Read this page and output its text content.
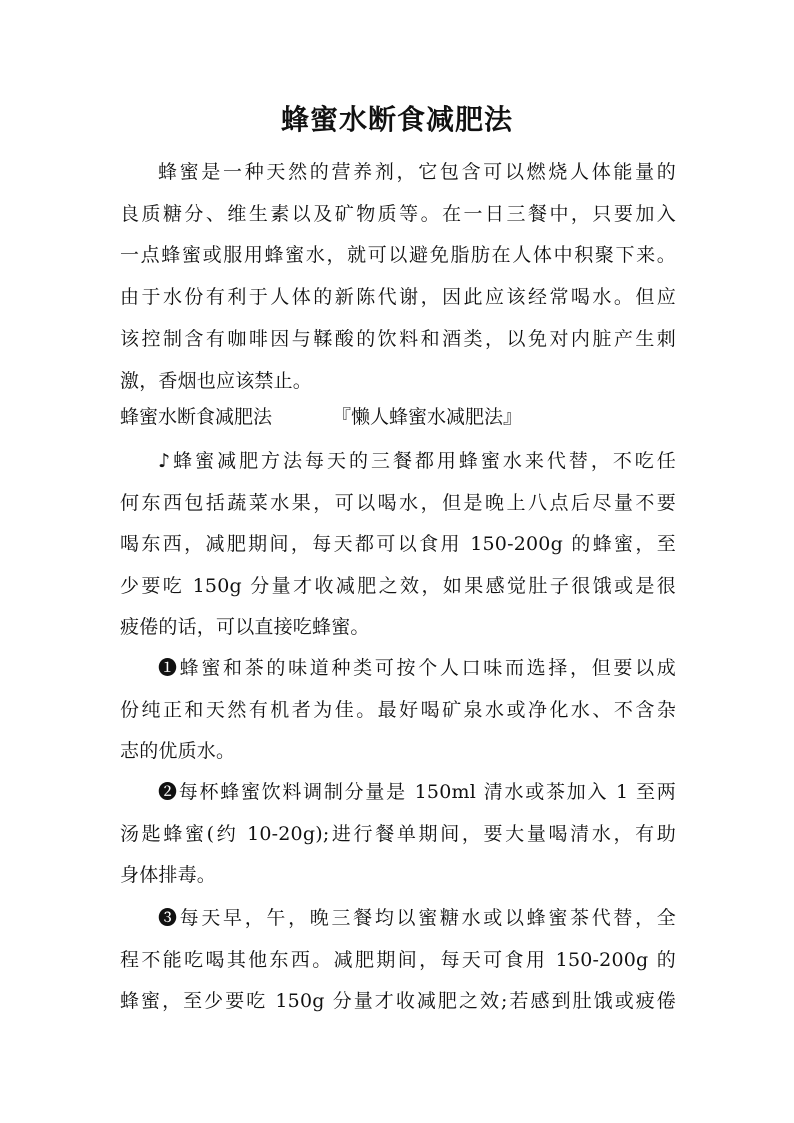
蜂蜜水断食减肥法
蜂蜜是一种天然的营养剂，它包含可以燃烧人体能量的
良质糖分、维生素以及矿物质等。在一日三餐中，只要加入
一点蜂蜜或服用蜂蜜水，就可以避免脂肪在人体中积聚下来。
由于水份有利于人体的新陈代谢，因此应该经常喝水。但应
该控制含有咖啡因与鞣酸的饮料和酒类，以免对内脏产生刺
激，香烟也应该禁止。
蜂蜜水断食减肥法	『懒人蜂蜜水减肥法』
♪蜂蜜减肥方法每天的三餐都用蜂蜜水来代替，不吃任
何东西包括蔬菜水果，可以喝水，但是晚上八点后尽量不要
喝东西，减肥期间，每天都可以食用 150-200g 的蜂蜜，至
少要吃 150g 分量才收减肥之效，如果感觉肚子很饿或是很
疲倦的话，可以直接吃蜂蜜。
❶蜂蜜和茶的味道种类可按个人口味而选择，但要以成
份纯正和天然有机者为佳。最好喝矿泉水或净化水、不含杂
志的优质水。
❷每杯蜂蜜饮料调制分量是 150ml 清水或茶加入 1 至两
汤匙蜂蜜(约 10-20g);进行餐单期间，要大量喝清水，有助
身体排毒。
❸每天早，午，晚三餐均以蜜糖水或以蜂蜜茶代替，全
程不能吃喝其他东西。减肥期间，每天可食用 150-200g 的
蜂蜜，至少要吃 150g 分量才收减肥之效;若感到肚饿或疲倦
